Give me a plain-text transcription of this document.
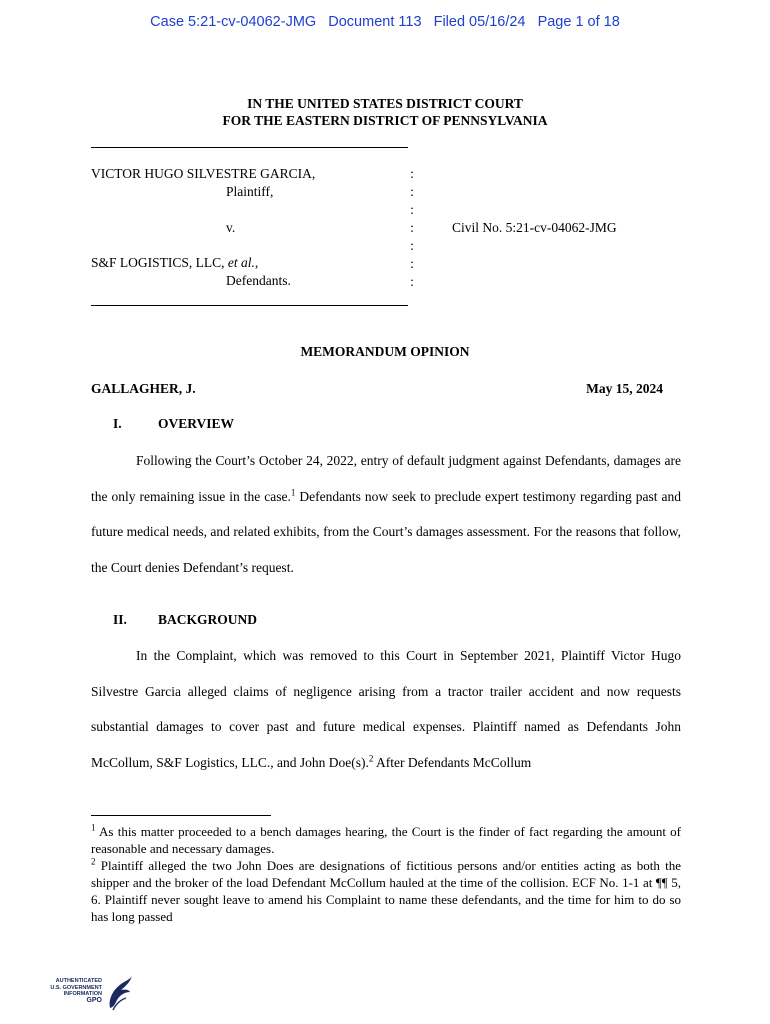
Case 5:21-cv-04062-JMG   Document 113   Filed 05/16/24   Page 1 of 18
IN THE UNITED STATES DISTRICT COURT
FOR THE EASTERN DISTRICT OF PENNSYLVANIA
VICTOR HUGO SILVESTRE GARCIA,
Plaintiff,
v.
S&F LOGISTICS, LLC, et al.,
Defendants.
:
:
:
:
:
:
:
Civil No. 5:21-cv-04062-JMG
MEMORANDUM OPINION
GALLAGHER, J.	May 15, 2024
I.	OVERVIEW
Following the Court’s October 24, 2022, entry of default judgment against Defendants, damages are the only remaining issue in the case.$^1$ Defendants now seek to preclude expert testimony regarding past and future medical needs, and related exhibits, from the Court’s damages assessment. For the reasons that follow, the Court denies Defendant’s request.
II. BACKGROUND
In the Complaint, which was removed to this Court in September 2021, Plaintiff Victor Hugo Silvestre Garcia alleged claims of negligence arising from a tractor trailer accident and now requests substantial damages to cover past and future medical expenses. Plaintiff named as Defendants John McCollum, S&F Logistics, LLC., and John Doe(s).$^2$ After Defendants McCollum

$^1$ As this matter proceeded to a bench damages hearing, the Court is the finder of fact regarding the amount of reasonable and necessary damages.

$^2$ Plaintiff alleged the two John Does are designations of fictitious persons and/or entities acting as both the shipper and the broker of the load Defendant McCollum hauled at the time of the collision. ECF No. 1-1 at ¶¶ 5, 6. Plaintiff never sought leave to amend his Complaint to name these defendants, and the time for him to do so has long passed

AUTHENTICATED
U.S. GOVERNMENT
INFORMATION
GPO
